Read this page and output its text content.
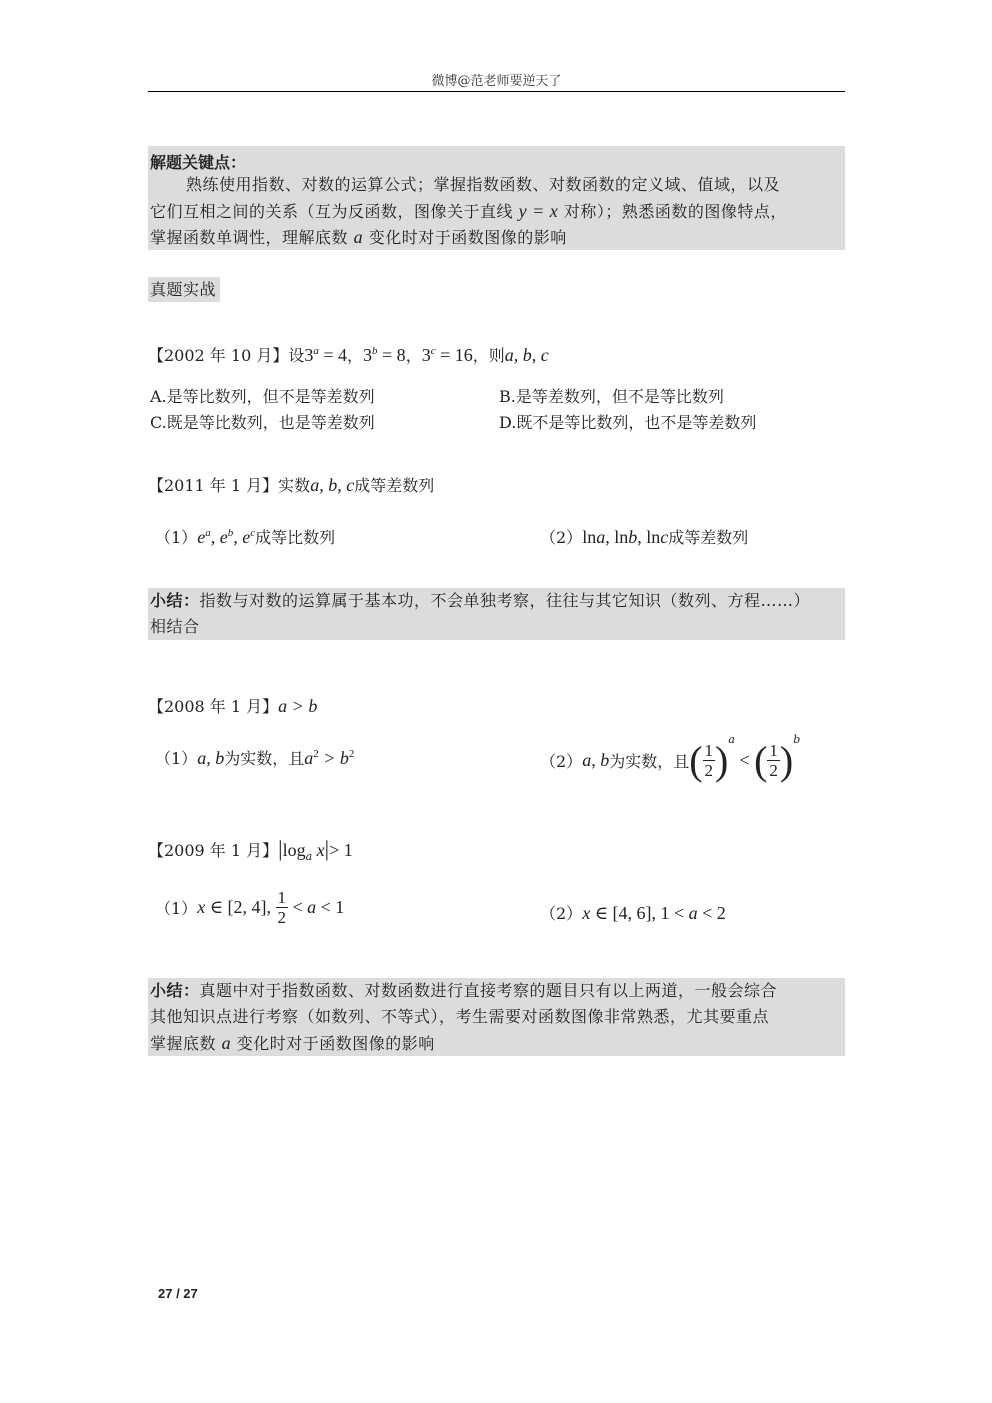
微博@范老师要逆天了
解题关键点：
熟练使用指数、对数的运算公式；掌握指数函数、对数函数的定义域、值域，以及
它们互相之间的关系（互为反函数，图像关于直线 y = x 对称）；熟悉函数的图像特点，
掌握函数单调性，理解底数 a 变化时对于函数图像的影响
真题实战
【2002 年 10 月】设$3^a = 4$，$3^b = 8$，$3^c = 16$，则a, b, c
A.是等比数列，但不是等差数列	B.是等差数列，但不是等比数列
C.既是等比数列，也是等差数列	D.既不是等比数列，也不是等差数列
【2011 年 1 月】实数a, b, c成等差数列
$(1)e^a$, $e^b$, $e^c$成等比数列	（2）lna, lnb, lnc成等差数列
小结：指数与对数的运算属于基本功，不会单独考察，往往与其它知识（数列、方程……）
相结合
【2008 年 1 月】a > b
（1）a, b为实数，且$a^2 > b^2$	（2）a, b为实数，且( $\frac{1}{2} )^a$ < ( $\frac{1}{2} )^b$
【2009 年 1 月】$|\log_a$ x|> 1
（1）x ∈ [2, 4], $\frac{1}{2} < a < 1$	（2）x ∈ [4, 6], 1 < a < 2
小结：真题中对于指数函数、对数函数进行直接考察的题目只有以上两道，一般会综合
其他知识点进行考察（如数列、不等式），考生需要对函数图像非常熟悉，尤其要重点
掌握底数 a 变化时对于函数图像的影响
27 / 27
